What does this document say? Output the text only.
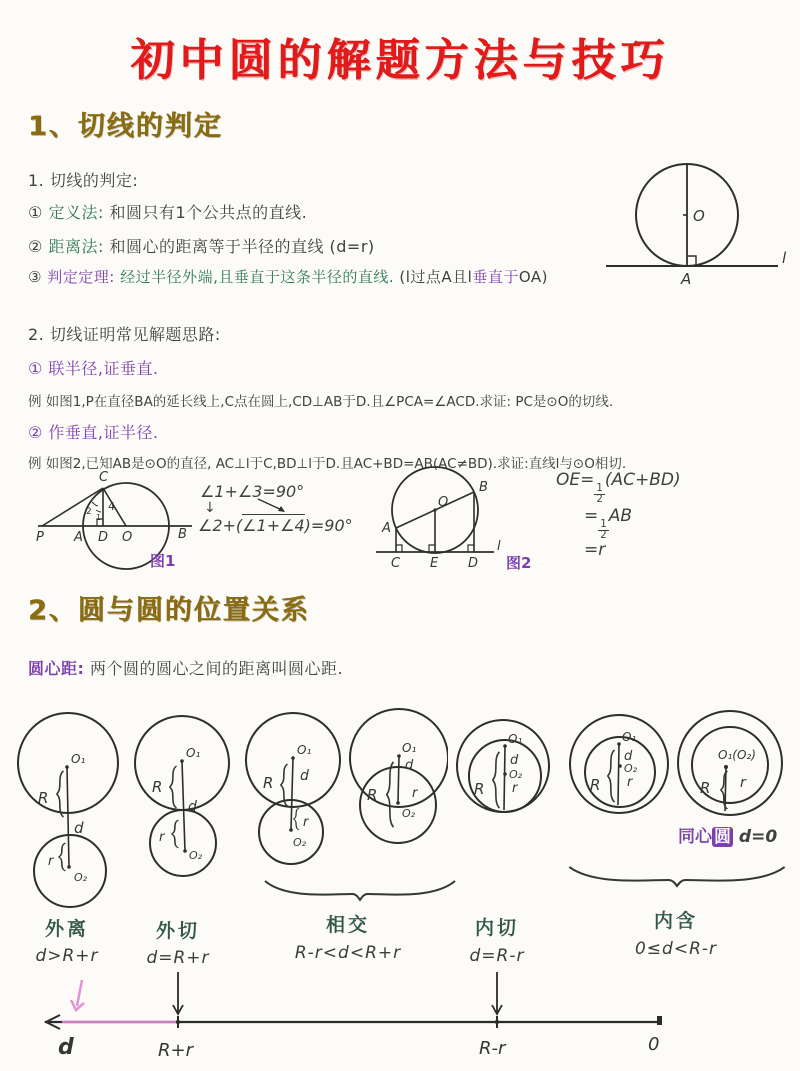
初中圆的解题方法与技巧
1、切线的判定
1. 切线的判定:
① 定义法: 和圆只有1个公共点的直线.
② 距离法: 和圆心的距离等于半径的直线 (d=r)
③ 判定定理: 经过半径外端,且垂直于这条半径的直线. (l过点A且l垂直于OA)
O
A
l
2. 切线证明常见解题思路:
① 联半径,证垂直.
例 如图1,P在直径BA的延长线上,C点在圆上,CD⊥AB于D.且∠PCA=∠ACD.求证: PC是⊙O的切线.
② 作垂直,证半径.
例 如图2,已知AB是⊙O的直径, AC⊥l于C,BD⊥l于D.且AC+BD=AB(AC≠BD).求证:直线l与⊙O相切.
C
P A D O	B
2
1
4
图1
∠1+∠3=90°
↓
∠2+(∠1+∠4)=90° A
B
O
C E D
l
图2
OE=
$\frac{1}{2}$
(AC+BD)
=
$\frac{1}{2}$
AB
=r
2、圆与圆的位置关系
圆心距: 两个圆的圆心之间的距离叫圆心距.
O₁
R
d
r
O₂
O₁
R
d
r
O₂
O₁
R d
r
O₂
O₁
d
R	r
O₂
O₁
d
O₂
r
R
O₁
d
O₂
r
R
O₁(O₂)
R r
同心 圆 d=0
外离
d>R+r
外切
d=R+r
相交
R-r<d<R+r
内切
d=R-r
内含
0≤d<R-r
d	R+r	R-r	0
